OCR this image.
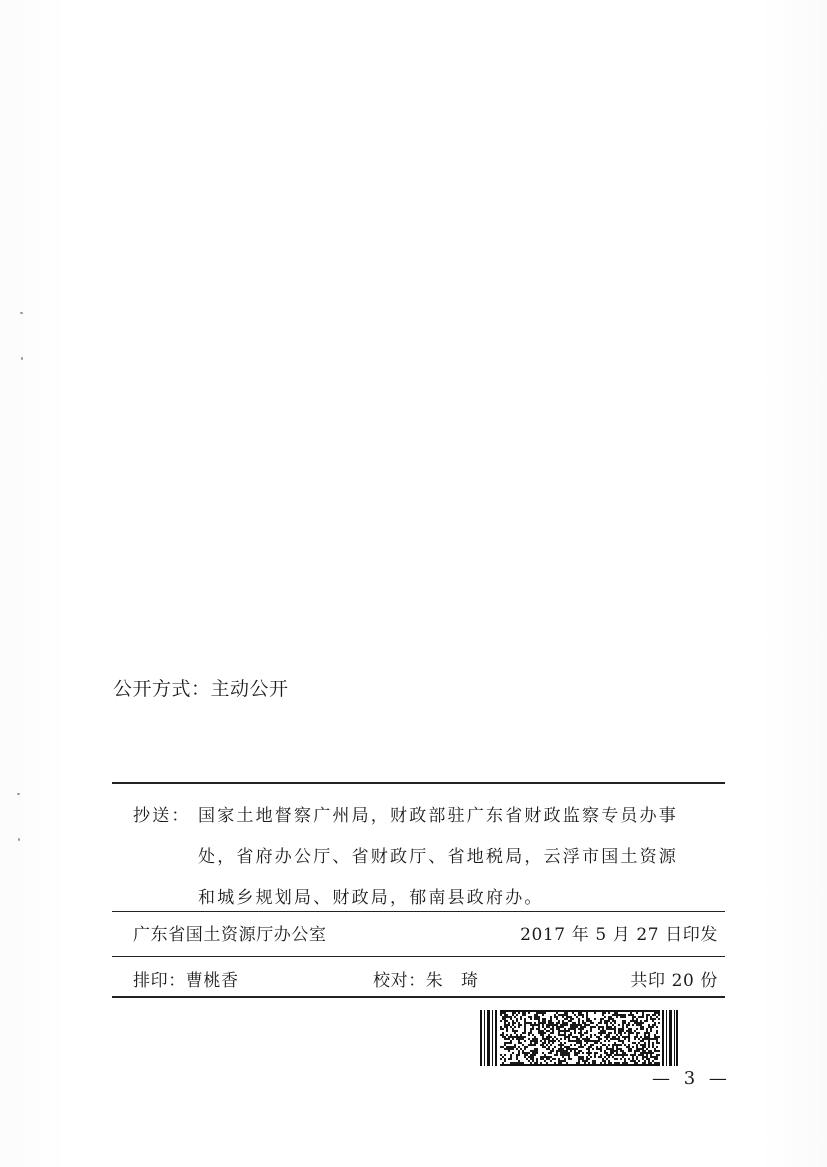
公开方式：主动公开
抄送： 国家土地督察广州局，财政部驻广东省财政监察专员办事
处，省府办公厅、省财政厅、省地税局，云浮市国土资源
和城乡规划局、财政局，郁南县政府办。
广东省国土资源厅办公室	2017 年 5 月 27 日印发
排印：曹桃香	校对：朱　琦	共印 20 份
— 3 —
